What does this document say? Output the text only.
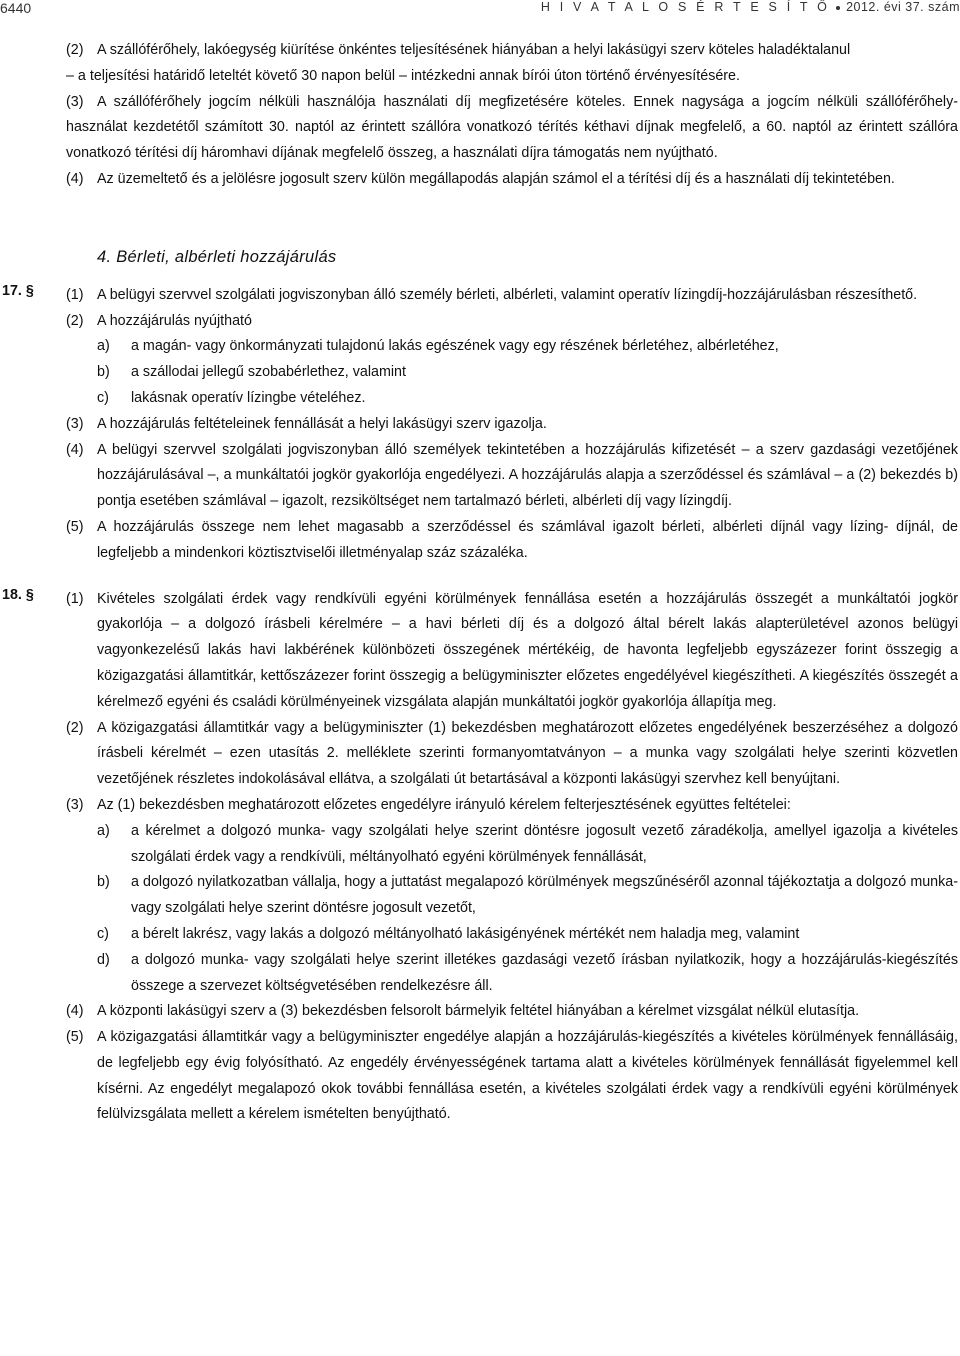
6440	H I V A T A L O S É R T E S Í T Ő 2012. évi 37. szám

(2) A szállóférőhely, lakóegység kiürítése önkéntes teljesítésének hiányában a helyi lakásügyi szerv köteles haladéktalanul

– a teljesítési határidő leteltét követő 30 napon belül – intézkedni annak bírói úton történő érvényesítésére.

(3) A szállóférőhely jogcím nélküli használója használati díj megfizetésére köteles. Ennek nagysága a jogcím nélküli szállóférőhely-használat kezdetétől számított 30. naptól az érintett szállóra vonatkozó térítés kéthavi díjnak megfelelő, a 60. naptól az érintett szállóra vonatkozó térítési díj háromhavi díjának megfelelő összeg, a használati díjra támogatás nem nyújtható.

(4) Az üzemeltető és a jelölésre jogosult szerv külön megállapodás alapján számol el a térítési díj és a használati díj tekintetében.

4. Bérleti, albérleti hozzájárulás
17. § (1) A belügyi szervvel szolgálati jogviszonyban álló személy bérleti, albérleti, valamint operatív lízingdíj-hozzájárulásban részesíthető.

(2) A hozzájárulás nyújtható

a) a magán- vagy önkormányzati tulajdonú lakás egészének vagy egy részének bérletéhez, albérletéhez,

b) a szállodai jellegű szobabérlethez, valamint

c) lakásnak operatív lízingbe vételéhez.

(3) A hozzájárulás feltételeinek fennállását a helyi lakásügyi szerv igazolja.

(4) A belügyi szervvel szolgálati jogviszonyban álló személyek tekintetében a hozzájárulás kifizetését – a szerv gazdasági vezetőjének hozzájárulásával –, a munkáltatói jogkör gyakorlója engedélyezi. A hozzájárulás alapja a szerződéssel és számlával – a (2) bekezdés b) pontja esetében számlával – igazolt, rezsiköltséget nem tartalmazó bérleti, albérleti díj vagy lízingdíj.

(5) A hozzájárulás összege nem lehet magasabb a szerződéssel és számlával igazolt bérleti, albérleti díjnál vagy lízing- díjnál, de legfeljebb a mindenkori köztisztviselői illetményalap száz százaléka.

18. § (1) Kivételes szolgálati érdek vagy rendkívüli egyéni körülmények fennállása esetén a hozzájárulás összegét a munkáltatói jogkör gyakorlója – a dolgozó írásbeli kérelmére – a havi bérleti díj és a dolgozó által bérelt lakás alapterületével azonos belügyi vagyonkezelésű lakás havi lakbérének különbözeti összegének mértékéig, de havonta legfeljebb egyszázezer forint összegig a közigazgatási államtitkár, kettőszázezer forint összegig a belügyminiszter előzetes engedélyével kiegészítheti. A kiegészítés összegét a kérelmező egyéni és családi körülményeinek vizsgálata alapján munkáltatói jogkör gyakorlója állapítja meg.

(2) A közigazgatási államtitkár vagy a belügyminiszter (1) bekezdésben meghatározott előzetes engedélyének beszerzéséhez a dolgozó írásbeli kérelmét – ezen utasítás 2. melléklete szerinti formanyomtatványon – a munka vagy szolgálati helye szerinti közvetlen vezetőjének részletes indokolásával ellátva, a szolgálati út betartásával a központi lakásügyi szervhez kell benyújtani.

(3) Az (1) bekezdésben meghatározott előzetes engedélyre irányuló kérelem felterjesztésének együttes feltételei:

a) a kérelmet a dolgozó munka- vagy szolgálati helye szerint döntésre jogosult vezető záradékolja, amellyel igazolja a kivételes szolgálati érdek vagy a rendkívüli, méltányolható egyéni körülmények fennállását,

b) a dolgozó nyilatkozatban vállalja, hogy a juttatást megalapozó körülmények megszűnéséről azonnal tájékoztatja a dolgozó munka- vagy szolgálati helye szerint döntésre jogosult vezetőt,

c) a bérelt lakrész, vagy lakás a dolgozó méltányolható lakásigényének mértékét nem haladja meg, valamint

d) a dolgozó munka- vagy szolgálati helye szerint illetékes gazdasági vezető írásban nyilatkozik, hogy a hozzájárulás-kiegészítés összege a szervezet költségvetésében rendelkezésre áll.

(4) A központi lakásügyi szerv a (3) bekezdésben felsorolt bármelyik feltétel hiányában a kérelmet vizsgálat nélkül elutasítja.

(5) A közigazgatási államtitkár vagy a belügyminiszter engedélye alapján a hozzájárulás-kiegészítés a kivételes körülmények fennállásáig, de legfeljebb egy évig folyósítható. Az engedély érvényességének tartama alatt a kivételes körülmények fennállását figyelemmel kell kísérni. Az engedélyt megalapozó okok további fennállása esetén, a kivételes szolgálati érdek vagy a rendkívüli egyéni körülmények felülvizsgálata mellett a kérelem ismételten benyújtható.
